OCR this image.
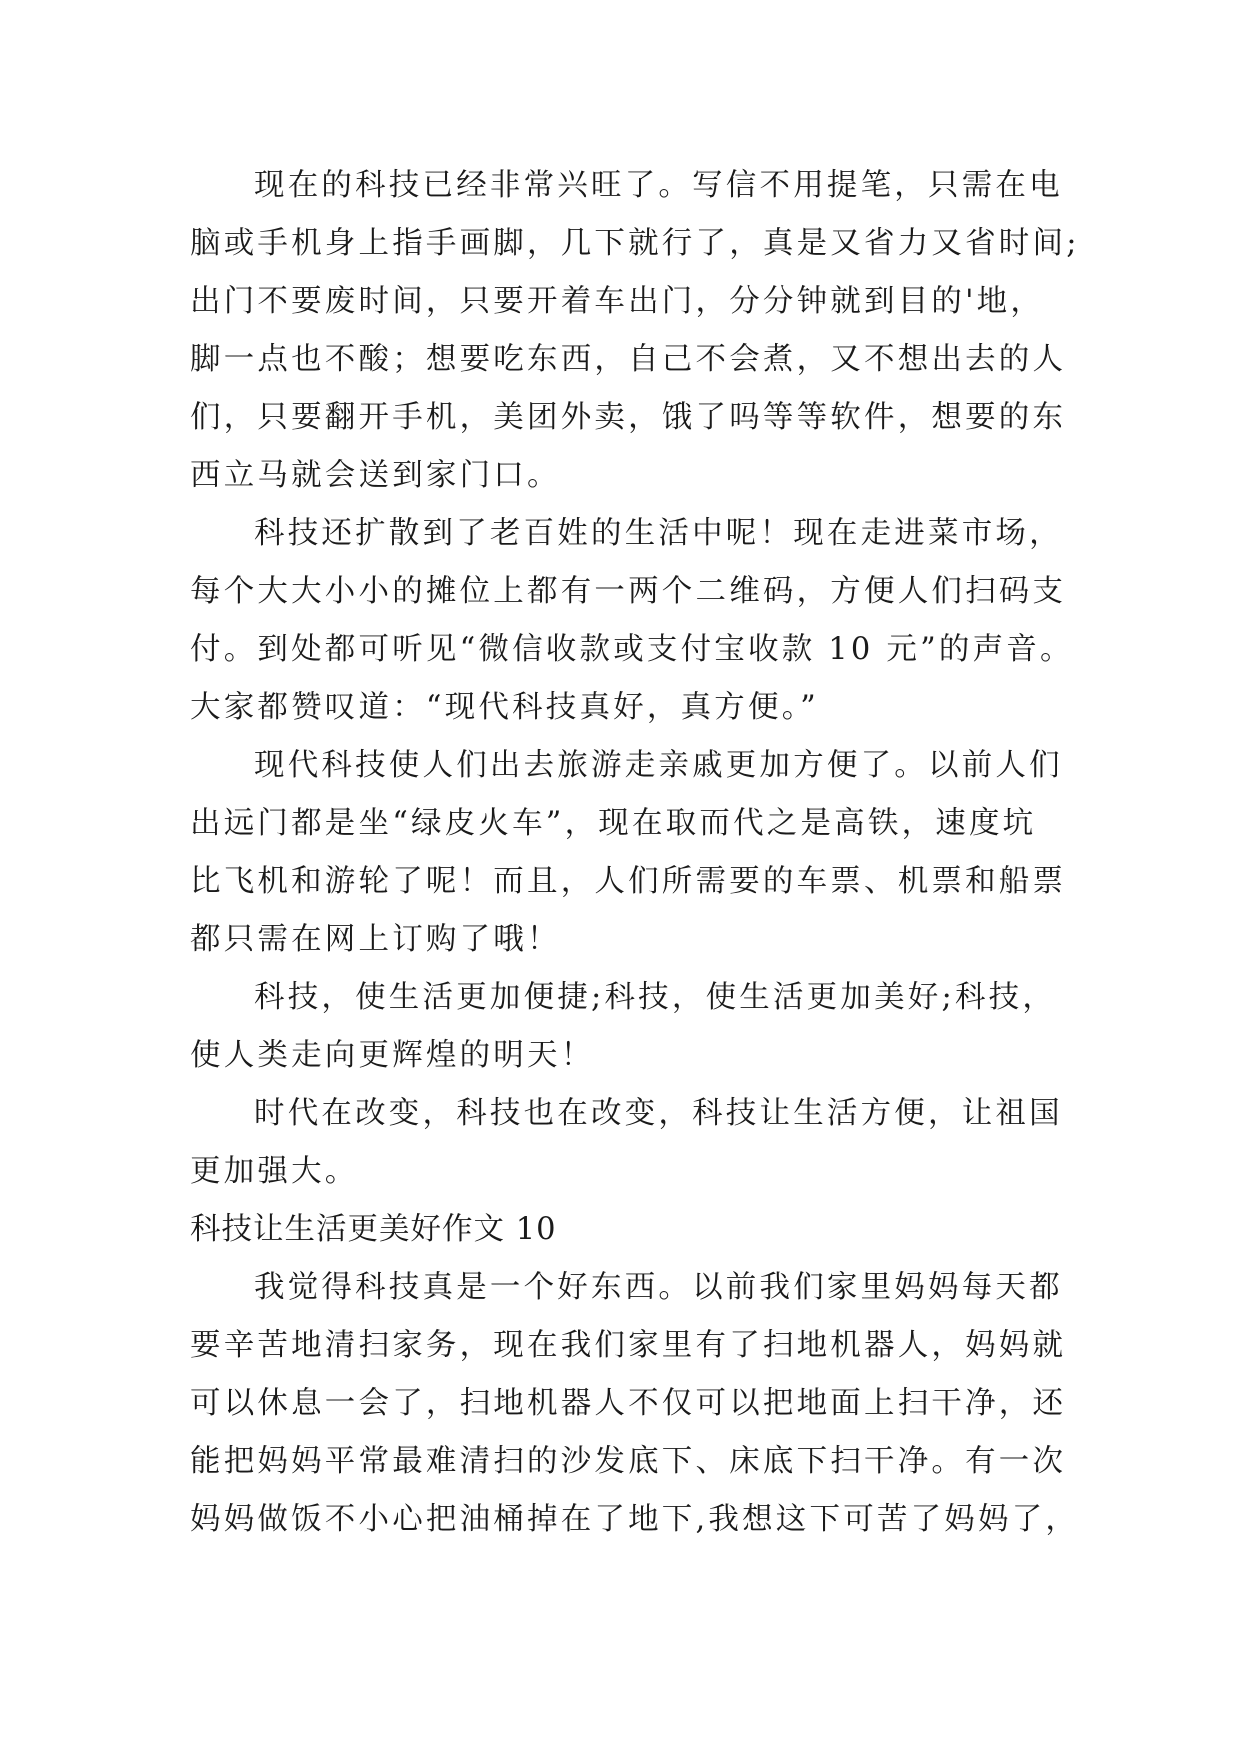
现在的科技已经非常兴旺了。写信不用提笔，只需在电
脑或手机身上指手画脚，几下就行了，真是又省力又省时间;
出门不要废时间，只要开着车出门，分分钟就到目的'地，
脚一点也不酸；想要吃东西，自己不会煮，又不想出去的人
们，只要翻开手机，美团外卖，饿了吗等等软件，想要的东
西立马就会送到家门口。
科技还扩散到了老百姓的生活中呢！现在走进菜市场，
每个大大小小的摊位上都有一两个二维码，方便人们扫码支
付。到处都可听见“微信收款或支付宝收款 10 元”的声音。
大家都赞叹道：“现代科技真好，真方便。”
现代科技使人们出去旅游走亲戚更加方便了。以前人们
出远门都是坐“绿皮火车”，现在取而代之是高铁，速度坑
比飞机和游轮了呢！而且，人们所需要的车票、机票和船票
都只需在网上订购了哦！
科技，使生活更加便捷;科技，使生活更加美好;科技，
使人类走向更辉煌的明天！
时代在改变，科技也在改变，科技让生活方便，让祖国
更加强大。
科技让生活更美好作文 10
我觉得科技真是一个好东西。以前我们家里妈妈每天都
要辛苦地清扫家务，现在我们家里有了扫地机器人，妈妈就
可以休息一会了，扫地机器人不仅可以把地面上扫干净，还
能把妈妈平常最难清扫的沙发底下、床底下扫干净。有一次
妈妈做饭不小心把油桶掉在了地下,我想这下可苦了妈妈了，
